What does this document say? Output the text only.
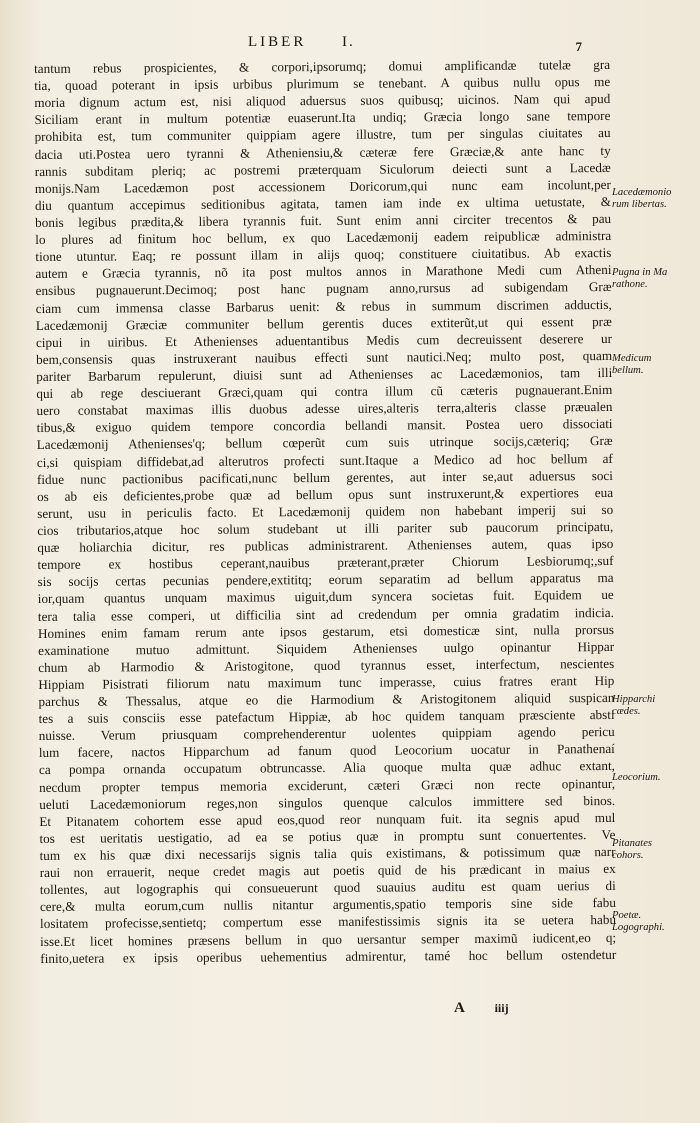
LIBER I.	7
tantum rebus prospicientes, & corpori,ipsorumq; domui amplificandæ tutelæ gra
tia, quoad poterant in ipsis urbibus plurimum se tenebant. A quibus nullu opus me
moria dignum actum est, nisi aliquod aduersus suos quibusq; uicinos. Nam qui apud
Siciliam erant in multum potentiæ euaserunt.Ita undiq; Græcia longo sane tempore
prohibita est, tum communiter quippiam agere illustre, tum per singulas ciuitates au
dacia uti.Postea uero tyranni & Atheniensiu,& cæteræ fere Græciæ,& ante hanc ty
rannis subditam pleriq; ac postremi præterquam Siculorum deiecti sunt a Lacedæ
monijs.Nam Lacedæmon post accessionem Doricorum,qui nunc eam incolunt,per
diu quantum accepimus seditionibus agitata, tamen iam inde ex ultima uetustate, &
bonis legibus prædita,& libera tyrannis fuit. Sunt enim anni circiter trecentos & pau
lo plures ad finitum hoc bellum, ex quo Lacedæmonij eadem reipublicæ administra
tione utuntur. Eaq; re possunt illam in alijs quoq; constituere ciuitatibus. Ab exactis
autem e Græcia tyrannis, nõ ita post multos annos in Marathone Medi cum Atheni
ensibus pugnauerunt.Decimoq; post hanc pugnam anno,rursus ad subigendam Græ
ciam cum immensa classe Barbarus uenit: & rebus in summum discrimen adductis,
Lacedæmonij Græciæ communiter bellum gerentis duces extiterũt,ut qui essent præ
cipui in uiribus. Et Athenienses aduentantibus Medis cum decreuissent deserere ur
bem,consensis quas instruxerant nauibus effecti sunt nautici.Neq; multo post, quam
pariter Barbarum repulerunt, diuisi sunt ad Athenienses ac Lacedæmonios, tam illi
qui ab rege desciuerant Græci,quam qui contra illum cũ cæteris pugnauerant.Enim
uero constabat maximas illis duobus adesse uires,alteris terra,alteris classe præualen
tibus,& exiguo quidem tempore concordia bellandi mansit. Postea uero dissociati
Lacedæmonij Athenienses'q; bellum cœperũt cum suis utrinque socijs,cæteriq; Græ
ci,si quispiam diffidebat,ad alterutros profecti sunt.Itaque a Medico ad hoc bellum af
fidue nunc pactionibus pacificati,nunc bellum gerentes, aut inter se,aut aduersus soci
os ab eis deficientes,probe quæ ad bellum opus sunt instruxerunt,& expertiores eua
serunt, usu in periculis facto. Et Lacedæmonij quidem non habebant imperij sui so
cios tributarios,atque hoc solum studebant ut illi pariter sub paucorum principatu,
quæ holiarchia dicitur, res publicas administrarent. Athenienses autem, quas ipso
tempore ex hostibus ceperant,nauibus præterant,præter Chiorum Lesbiorumq;,suf
sis socijs certas pecunias pendere,extititq; eorum separatim ad bellum apparatus ma
ior,quam quantus unquam maximus uiguit,dum syncera societas fuit. Equidem ue
tera talia esse comperi, ut difficilia sint ad credendum per omnia gradatim indicia.
Homines enim famam rerum ante ipsos gestarum, etsi domesticæ sint, nulla prorsus
examinatione mutuo admittunt. Siquidem Athenienses uulgo opinantur Hippar
chum ab Harmodio & Aristogitone, quod tyrannus esset, interfectum, nescientes
Hippiam Pisistrati filiorum natu maximum tunc imperasse, cuius fratres erant Hip
parchus & Thessalus, atque eo die Harmodium & Aristogitonem aliquid suspican
tes a suis consciis esse patefactum Hippiæ, ab hoc quidem tanquam præsciente absti
nuisse. Verum priusquam comprehenderentur uolentes quippiam agendo pericu
lum facere, nactos Hipparchum ad fanum quod Leocorium uocatur in Panathenaí
ca pompa ornanda occupatum obtruncasse. Alia quoque multa quæ adhuc extant,
necdum propter tempus memoria exciderunt, cæteri Græci non recte opinantur,
ueluti Lacedæmoniorum reges,non singulos quenque calculos immittere sed binos.
Et Pitanatem cohortem esse apud eos,quod reor nunquam fuit. ita segnis apud mul
tos est ueritatis uestigatio, ad ea se potius quæ in promptu sunt conuertentes. Ve
tum ex his quæ dixi necessarijs signis talia quis existimans, & potissimum quæ narr
raui non errauerit, neque credet magis aut poetis quid de his prædicant in maius ex
tollentes, aut logographis qui consueuerunt quod suauius auditu est quam uerius di
cere,& multa eorum,cum nullis nitantur argumentis,spatio temporis sine side fabu
lositatem profecisse,sentietq; compertum esse manifestissimis signis ita se uetera habu
isse.Et licet homines præsens bellum in quo uersantur semper maximũ iudicent,eo q;
finito,uetera ex ipsis operibus uehementius admirentur, tamé hoc bellum ostendetur
Lacedæmonio
rum libertas.
Pugna in Ma
rathone.
Medicum
bellum.
Hipparchi
cædes.
Leocorium.
Pitanates
cohors.
Poetæ.
Logographi.
A iiij
